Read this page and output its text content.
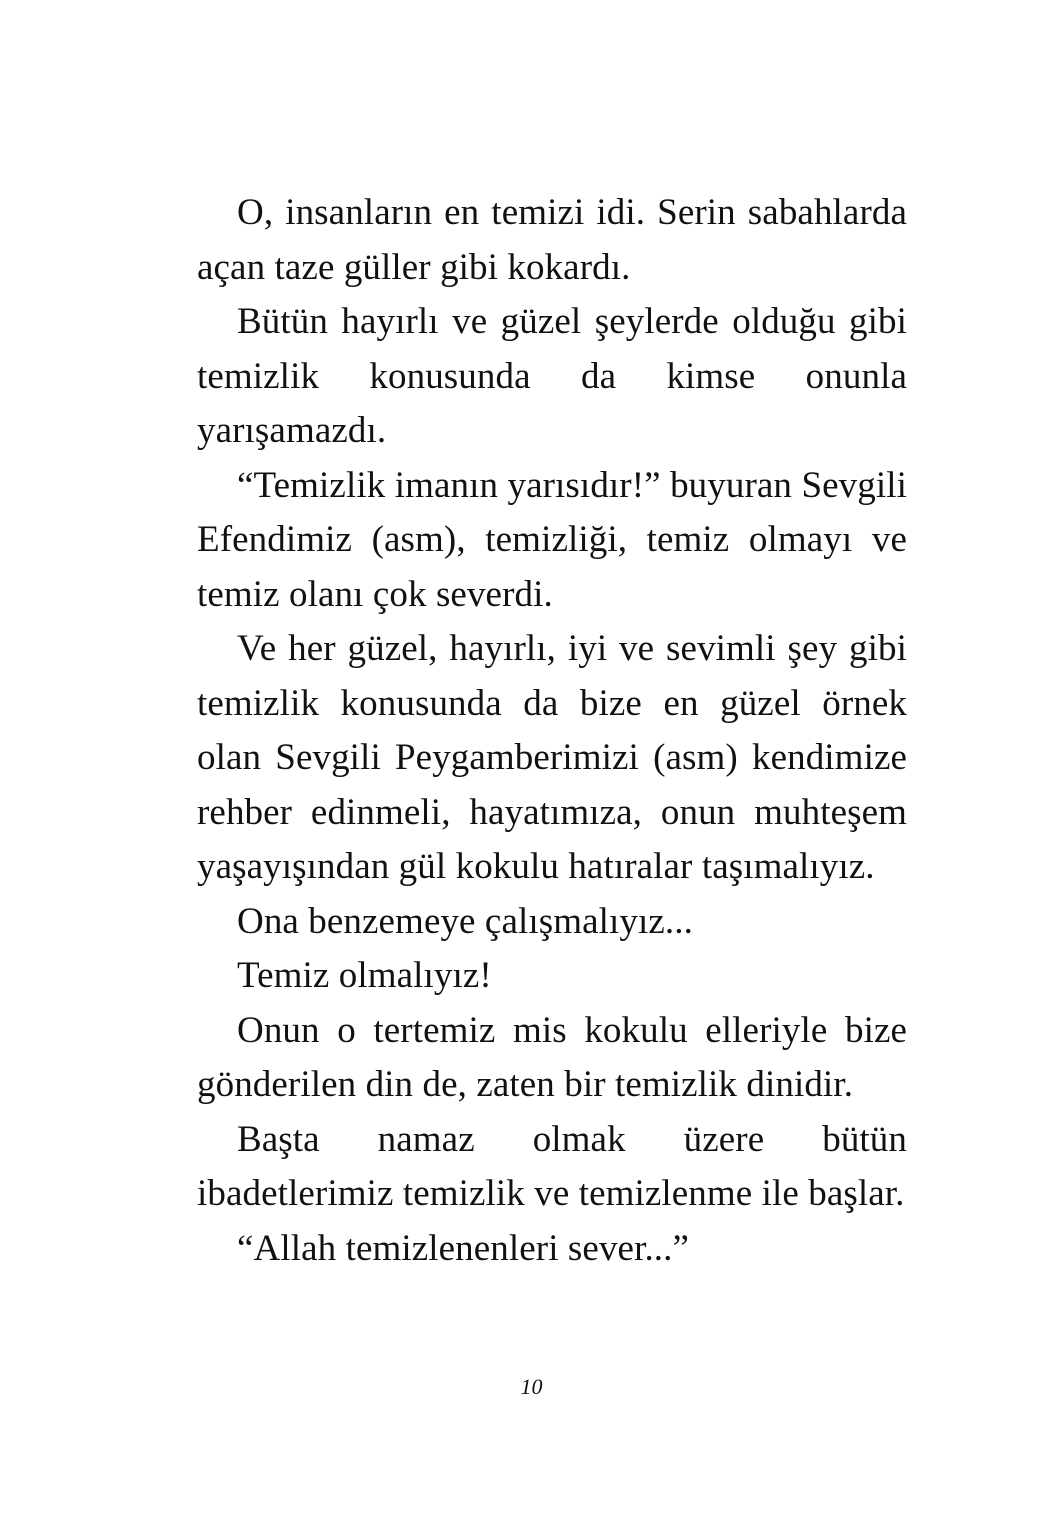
O, insanların en temizi idi. Serin sabahlarda açan taze güller gibi kokardı.

Bütün hayırlı ve güzel şeylerde olduğu gibi temizlik konusunda da kimse onunla yarışamazdı.

“Temizlik imanın yarısıdır!” buyuran Sevgili Efendimiz (asm), temizliği, temiz olmayı ve temiz olanı çok severdi.

Ve her güzel, hayırlı, iyi ve sevimli şey gibi temizlik konusunda da bize en güzel örnek olan Sevgili Peygamberimizi (asm) kendimize rehber edinmeli, hayatımıza, onun muhteşem yaşayışından gül kokulu hatıralar taşımalıyız.

Ona benzemeye çalışmalıyız...

Temiz olmalıyız!

Onun o tertemiz mis kokulu elleriyle bize gönderilen din de, zaten bir temizlik dinidir.

Başta namaz olmak üzere bütün ibadetlerimiz temizlik ve temizlenme ile başlar.

“Allah temizlenenleri sever...”

10
